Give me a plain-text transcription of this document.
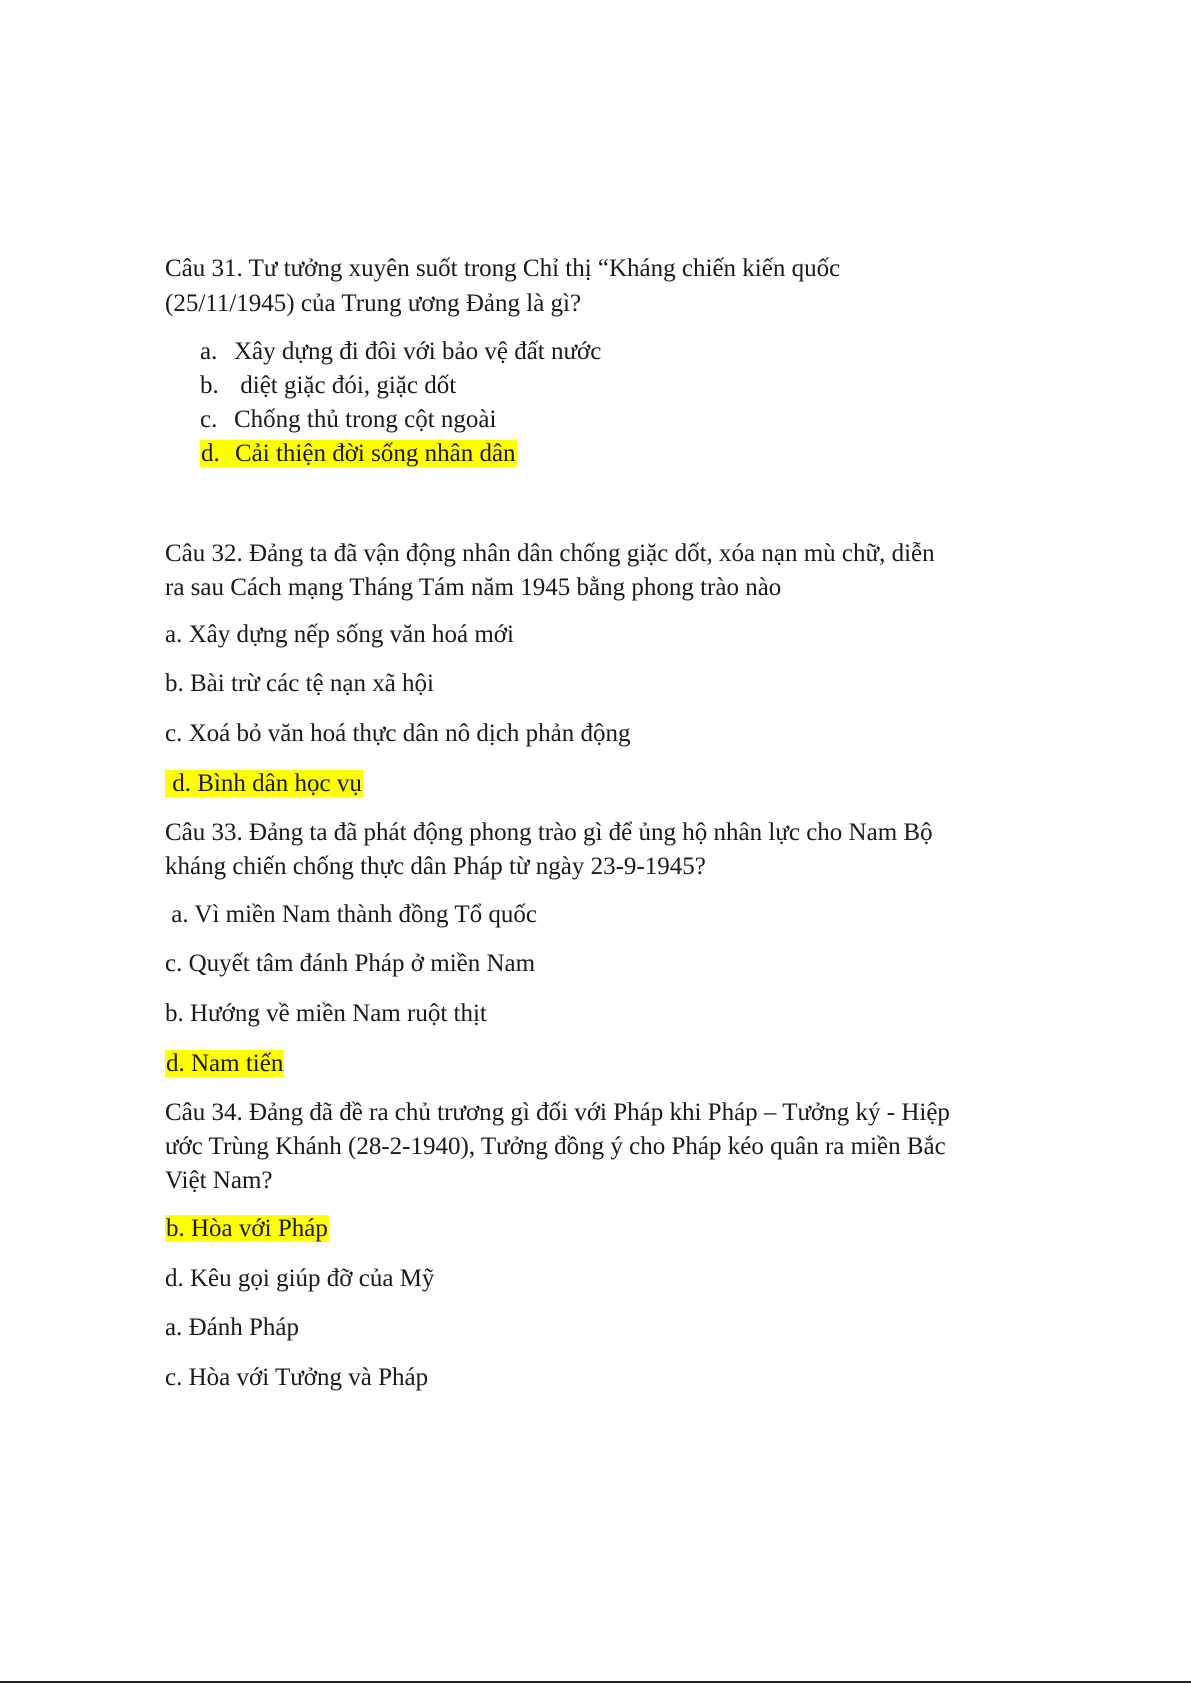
Câu 31. Tư tưởng xuyên suốt trong Chỉ thị “Kháng chiến kiến quốc
(25/11/1945) của Trung ương Đảng là gì?
a. Xây dựng đi đôi với bảo vệ đất nước
b. diệt giặc đói, giặc dốt
c. Chống thủ trong cột ngoài
d. Cải thiện đời sống nhân dân
Câu 32. Đảng ta đã vận động nhân dân chống giặc dốt, xóa nạn mù chữ, diễn
ra sau Cách mạng Tháng Tám năm 1945 bằng phong trào nào
a. Xây dựng nếp sống văn hoá mới
b. Bài trừ các tệ nạn xã hội
c. Xoá bỏ văn hoá thực dân nô dịch phản động
d. Bình dân học vụ
Câu 33. Đảng ta đã phát động phong trào gì để ủng hộ nhân lực cho Nam Bộ
kháng chiến chống thực dân Pháp từ ngày 23-9-1945?
a. Vì miền Nam thành đồng Tổ quốc
c. Quyết tâm đánh Pháp ở miền Nam
b. Hướng về miền Nam ruột thịt
d. Nam tiến
Câu 34. Đảng đã đề ra chủ trương gì đối với Pháp khi Pháp – Tưởng ký - Hiệp
ước Trùng Khánh (28-2-1940), Tưởng đồng ý cho Pháp kéo quân ra miền Bắc
Việt Nam?
b. Hòa với Pháp
d. Kêu gọi giúp đỡ của Mỹ
a. Đánh Pháp
c. Hòa với Tưởng và Pháp
